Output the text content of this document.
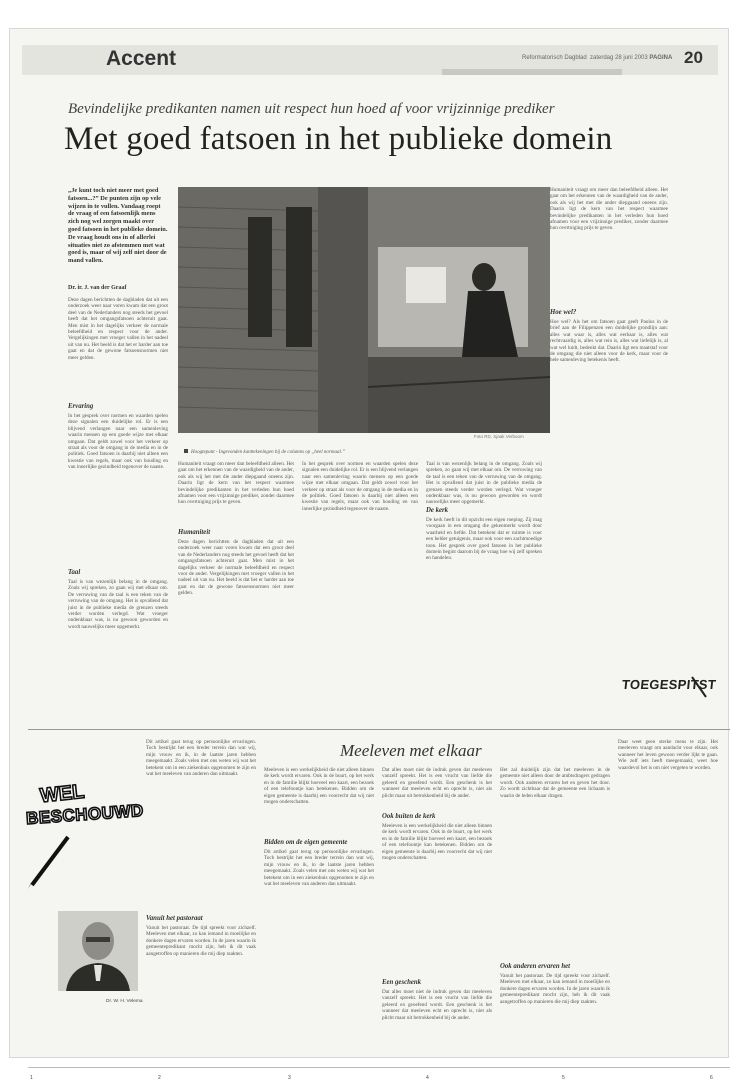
Accent	Reformatorisch Dagblad zaterdag 28 juni 2003 PAGINA 20
Bevindelijke predikanten namen uit respect hun hoed af voor vrijzinnige prediker
Met goed fatsoen in het publieke domein
„Je kunt toch niet meer met goed fatsoen...?” De punten zijn op vele wijzen in te vullen. Vandaag roept de vraag of een fatsoenlijk mens zich nog wel zorgen maakt over goed fatsoen in het publieke domein. De vraag houdt ons in of allerlei situaties niet zo afstemmen met wat goed is, maar of wij zelf niet door de mand vallen.
Dr. ir. J. van der Graaf
Deze dagen berichtten de dagbladen dat uit een onderzoek weer naar voren kwam dat een groot deel van de Nederlanders nog steeds het gevoel heeft dat het omgangsfatsoen achteruit gaat. Men mist in het dagelijks verkeer de normale beleefdheid en respect voor de ander. Vergelijkingen met vroeger vallen in het nadeel uit van nu. Het beeld is dat het er harder aan toe gaat en dat de gewone fatsoensnormen niet meer gelden.
Ervaring
In het gesprek over normen en waarden spelen deze signalen een duidelijke rol. Er is een blijvend verlangen naar een samenleving waarin mensen op een goede wijze met elkaar omgaan. Dat geldt zowel voor het verkeer op straat als voor de omgang in de media en in de politiek. Goed fatsoen is daarbij niet alleen een kwestie van regels, maar ook van houding en van innerlijke gezindheid tegenover de naaste.
Taal
Taal is van wezenlijk belang in de omgang. Zoals wij spreken, zo gaan wij met elkaar om. De verruwing van de taal is een teken van de verruwing van de omgang. Het is opvallend dat juist in de publieke media de grenzen steeds verder worden verlegd. Wat vroeger ondenkbaar was, is nu gewoon geworden en wordt nauwelijks meer opgemerkt.
Foto RD, Sjaak Verboom
Hoogtepunt - Ingevonden kanttekeningen bij de columns op „heel normaal.”
Humaniteit vraagt om meer dan beleefdheid alleen. Het gaat om het erkennen van de waardigheid van de ander, ook als wij het met die ander diepgaand oneens zijn. Daarin ligt de kern van het respect waarmee bevindelijke predikanten in het verleden hun hoed afnamen voor een vrijzinnige prediker, zonder daarmee hun overtuiging prijs te geven.
Humaniteit
Deze dagen berichtten de dagbladen dat uit een onderzoek weer naar voren kwam dat een groot deel van de Nederlanders nog steeds het gevoel heeft dat het omgangsfatsoen achteruit gaat. Men mist in het dagelijks verkeer de normale beleefdheid en respect voor de ander. Vergelijkingen met vroeger vallen in het nadeel uit van nu. Het beeld is dat het er harder aan toe gaat en dat de gewone fatsoensnormen niet meer gelden.
In het gesprek over normen en waarden spelen deze signalen een duidelijke rol. Er is een blijvend verlangen naar een samenleving waarin mensen op een goede wijze met elkaar omgaan. Dat geldt zowel voor het verkeer op straat als voor de omgang in de media en in de politiek. Goed fatsoen is daarbij niet alleen een kwestie van regels, maar ook van houding en van innerlijke gezindheid tegenover de naaste.
Taal is van wezenlijk belang in de omgang. Zoals wij spreken, zo gaan wij met elkaar om. De verruwing van de taal is een teken van de verruwing van de omgang. Het is opvallend dat juist in de publieke media de grenzen steeds verder worden verlegd. Wat vroeger ondenkbaar was, is nu gewoon geworden en wordt nauwelijks meer opgemerkt.
De kerk
De kerk heeft in dit opzicht een eigen roeping. Zij mag voorgaan in een omgang die gekenmerkt wordt door waarheid en liefde. Dat betekent dat er ruimte is voor een helder getuigenis, maar ook voor een zachtmoedige toon. Het gesprek over goed fatsoen in het publieke domein begint daarom bij de vraag hoe wij zelf spreken en handelen.
Humaniteit vraagt om meer dan beleefdheid alleen. Het gaat om het erkennen van de waardigheid van de ander, ook als wij het met die ander diepgaand oneens zijn. Daarin ligt de kern van het respect waarmee bevindelijke predikanten in het verleden hun hoed afnamen voor een vrijzinnige prediker, zonder daarmee hun overtuiging prijs te geven.
Hoe wel?
Hoe wel? Als het om fatsoen gaat geeft Paulus in de brief aan de Filippenzen een duidelijke grondlijn aan: alles wat waar is, alles wat eerbaar is, alles wat rechtvaardig is, alles wat rein is, alles wat liefelijk is, al wat wel luidt, bedenkt dat. Daarin ligt een maatstaf voor de omgang die niet alleen voor de kerk, maar voor de hele samenleving betekenis heeft.
TOEGESPITST
WEL
BESCHOUWD
Dr. W. H. Velema
Dit artikel gaat terug op persoonlijke ervaringen. Toch bestrijkt het een breder terrein dan wat wij, mijn vrouw en ik, in de laatste jaren hebben meegemaakt. Zoals velen met ons weten wij wat het betekent om in een ziekenhuis opgenomen te zijn en wat het meeleven van anderen dan uitmaakt.
Vanuit het pastoraat
Vanuit het pastoraat. De tijd spreekt voor zichzelf. Meeleven met elkaar, zo kan iemand in moeilijke en donkere dagen ervaren worden. In de jaren waarin ik gemeentepredikant mocht zijn, heb ik dit vaak aangetroffen op manieren die mij diep raakten.
Meeleven met elkaar
Meeleven is een werkelijkheid die niet alleen binnen de kerk wordt ervaren. Ook in de buurt, op het werk en in de familie blijkt hoeveel een kaart, een bezoek of een telefoontje kan betekenen. Bidden om de eigen gemeente is daarbij een voorrecht dat wij niet mogen onderschatten.
Bidden om de eigen gemeente
Dit artikel gaat terug op persoonlijke ervaringen. Toch bestrijkt het een breder terrein dan wat wij, mijn vrouw en ik, in de laatste jaren hebben meegemaakt. Zoals velen met ons weten wij wat het betekent om in een ziekenhuis opgenomen te zijn en wat het meeleven van anderen dan uitmaakt.
Dat alles moet niet de indruk geven dat meeleven vanzelf spreekt. Het is een vrucht van liefde die geleerd en geoefend wordt. Een geschenk is het wanneer dat meeleven echt en oprecht is, niet als plicht maar uit betrokkenheid bij de ander.
Ook buiten de kerk
Meeleven is een werkelijkheid die niet alleen binnen de kerk wordt ervaren. Ook in de buurt, op het werk en in de familie blijkt hoeveel een kaart, een bezoek of een telefoontje kan betekenen. Bidden om de eigen gemeente is daarbij een voorrecht dat wij niet mogen onderschatten.
Een geschenk
Dat alles moet niet de indruk geven dat meeleven vanzelf spreekt. Het is een vrucht van liefde die geleerd en geoefend wordt. Een geschenk is het wanneer dat meeleven echt en oprecht is, niet als plicht maar uit betrokkenheid bij de ander.
Het zal duidelijk zijn dat het meeleven in de gemeente niet alleen door de ambtsdragers gedragen wordt. Ook anderen ervaren het en geven het door. Zo wordt zichtbaar dat de gemeente een lichaam is waarin de leden elkaar dragen.
Ook anderen ervaren het
Vanuit het pastoraat. De tijd spreekt voor zichzelf. Meeleven met elkaar, zo kan iemand in moeilijke en donkere dagen ervaren worden. In de jaren waarin ik gemeentepredikant mocht zijn, heb ik dit vaak aangetroffen op manieren die mij diep raakten.
Daar weet geen sterke mens te zijn. Het meeleven vraagt om aandacht voor elkaar, ook wanneer het leven gewoon verder lijkt te gaan. Wie zelf iets heeft meegemaakt, weet hoe waardevol het is om niet vergeten te worden.
1	2	3	4	5	6
